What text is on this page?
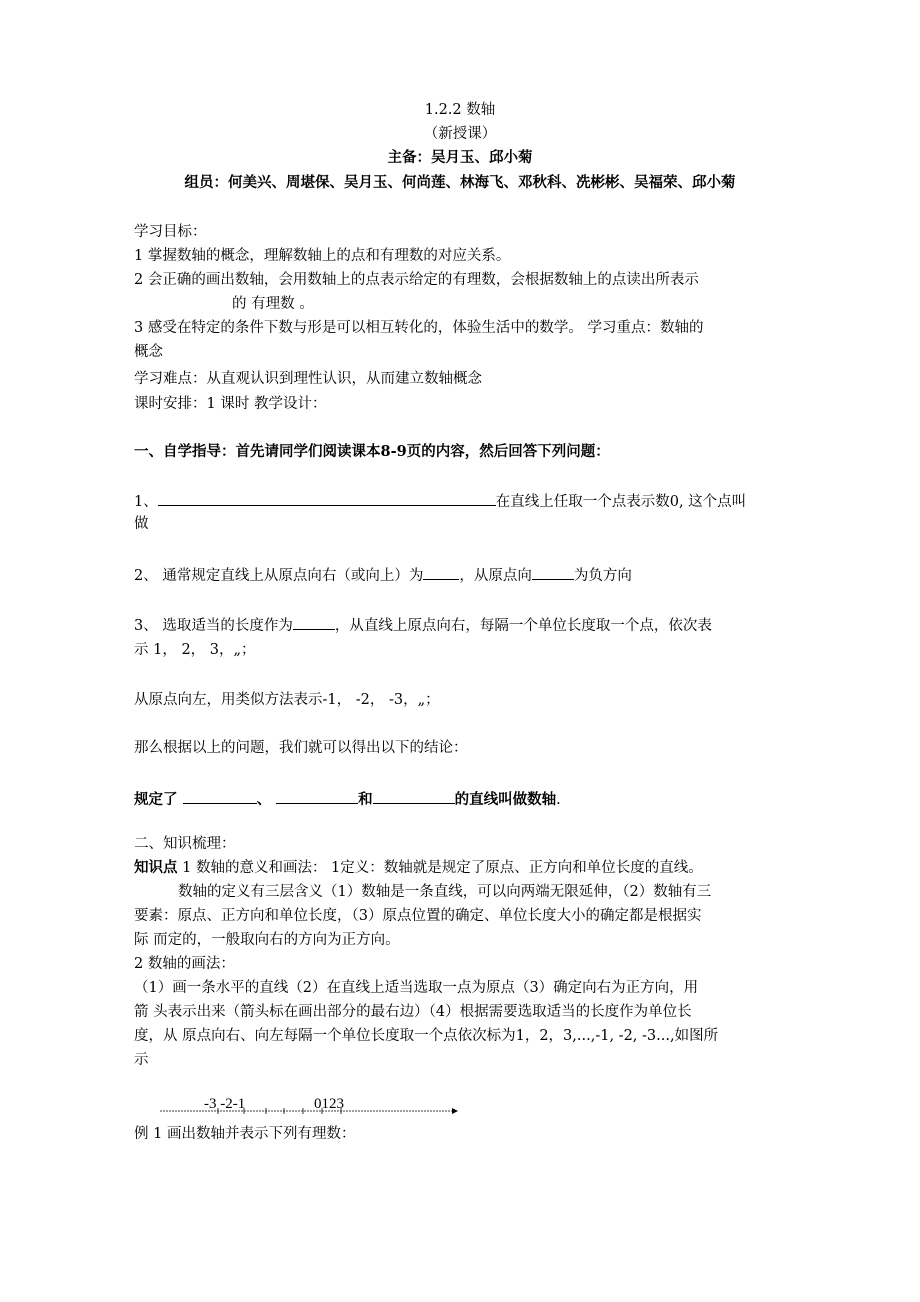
1.2.2 数轴
（新授课）
主备：吴月玉、邱小菊
组员：何美兴、周堪保、吴月玉、何尚莲、林海飞、邓秋科、冼彬彬、吴福荣、邱小菊
学习目标：
1 掌握数轴的概念，理解数轴上的点和有理数的对应关系。
2 会正确的画出数轴，会用数轴上的点表示给定的有理数，会根据数轴上的点读出所表示
的 有理数 。
3 感受在特定的条件下数与形是可以相互转化的，体验生活中的数学。 学习重点：数轴的
概念
学习难点：从直观认识到理性认识，从而建立数轴概念
课时安排：1 课时 教学设计：
一、自学指导：首先请同学们阅读课本8-9页的内容，然后回答下列问题：
1、	在直线上任取一个点表示数0, 这个点叫
做
2、 通常规定直线上从原点向右（或向上）为 ，从原点向	为负方向
3、 选取适当的长度作为	，从直线上原点向右，每隔一个单位长度取一个点，依次表
示 1， 2， 3，„；
从原点向左，用类似方法表示-1， -2， -3，„；
那么根据以上的问题，我们就可以得出以下的结论：
规定了	、	和	的直线叫做数轴.
二、知识梳理：
知识点 1 数轴的意义和画法： 1定义：数轴就是规定了原点、正方向和单位长度的直线。
数轴的定义有三层含义（1）数轴是一条直线，可以向两端无限延伸，（2）数轴有三
要素：原点、正方向和单位长度，（3）原点位置的确定、单位长度大小的确定都是根据实
际 而定的，一般取向右的方向为正方向。
2 数轴的画法：
（1）画一条水平的直线（2）在直线上适当选取一点为原点（3）确定向右为正方向，用
箭 头表示出来（箭头标在画出部分的最右边）（4）根据需要选取适当的长度作为单位长
度，从 原点向右、向左每隔一个单位长度取一个点依次标为1，2，3,...,-1, -2, -3...,如图所
示
-3 -2-1	0123
例 1 画出数轴并表示下列有理数：
